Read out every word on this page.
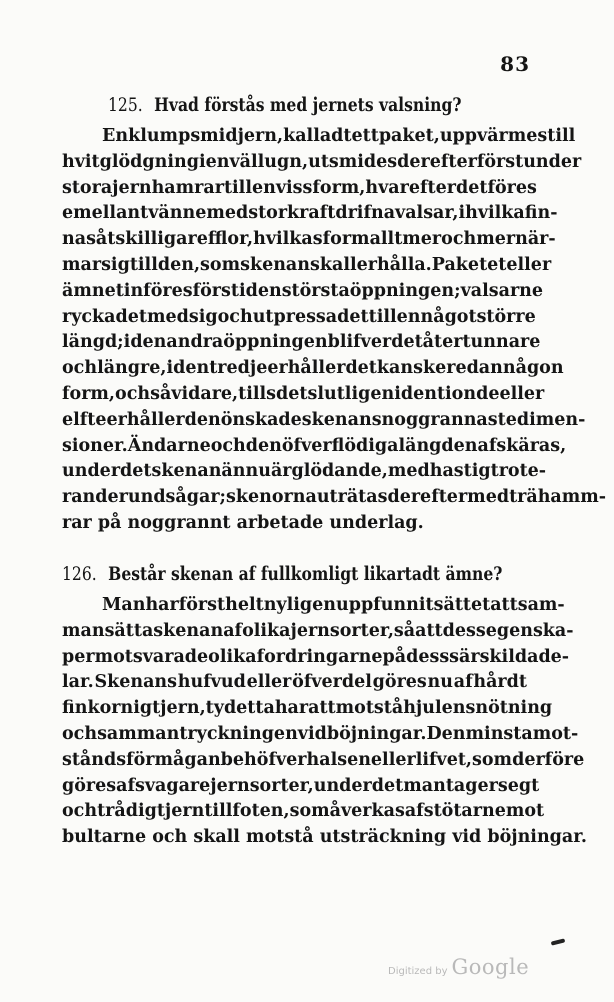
83
125. Hvad förstås med jernets valsning?
En klump smidjern, kalladt ett paket, uppvärmes till
hvitglödgning i en vällugn, utsmides derefter först under
stora jernhamrar till en viss form, hvarefter det föres
emellan tvänne med stor kraft drifna valsar, i hvilka fin-
nas åtskilliga refflor, hvilkas form allt mer och mer när-
mar sig till den, som skenan skall erhålla. Paketet eller
ämnet införes först i den största öppningen; valsarne
rycka det med sig och utpressa det till en något större
längd; i den andra öppningen blifver det åter tunnare
och längre, i den tredje erhåller det kanske redan någon
form, och så vidare, tills det slutligen i den tionde eller
elfte erhåller den önskade skenans noggrannaste dimen-
sioner. Ändarne och den öfverflödiga längden afskäras,
under det skenan ännu är glödande, med hastigt rote-
rande rundsågar; skenorna uträtas derefter med trähamm-
rar på noggrannt arbetade underlag.
126. Består skenan af fullkomligt likartadt ämne?
Man har först helt nyligen uppfunnit sättet att sam-
mansätta skenan af olika jernsorter, så att dess egenska-
per motsvara de olika fordringarne på dess särskilda de-
lar. Skenans hufvud eller öfverdel göres nu af hårdt
finkornigt jern, ty detta har att motstå hjulens nötning
och sammantryckningen vid böjningar. Den minsta mot-
ståndsförmågan behöfver halsen eller lifvet, som derföre
göres af svagare jernsorter, under det man tager segt
och trådigt jern till foten, som åverkas af stötarne mot
bultarne och skall motstå utsträckning vid böjningar.
Digitized by Google
